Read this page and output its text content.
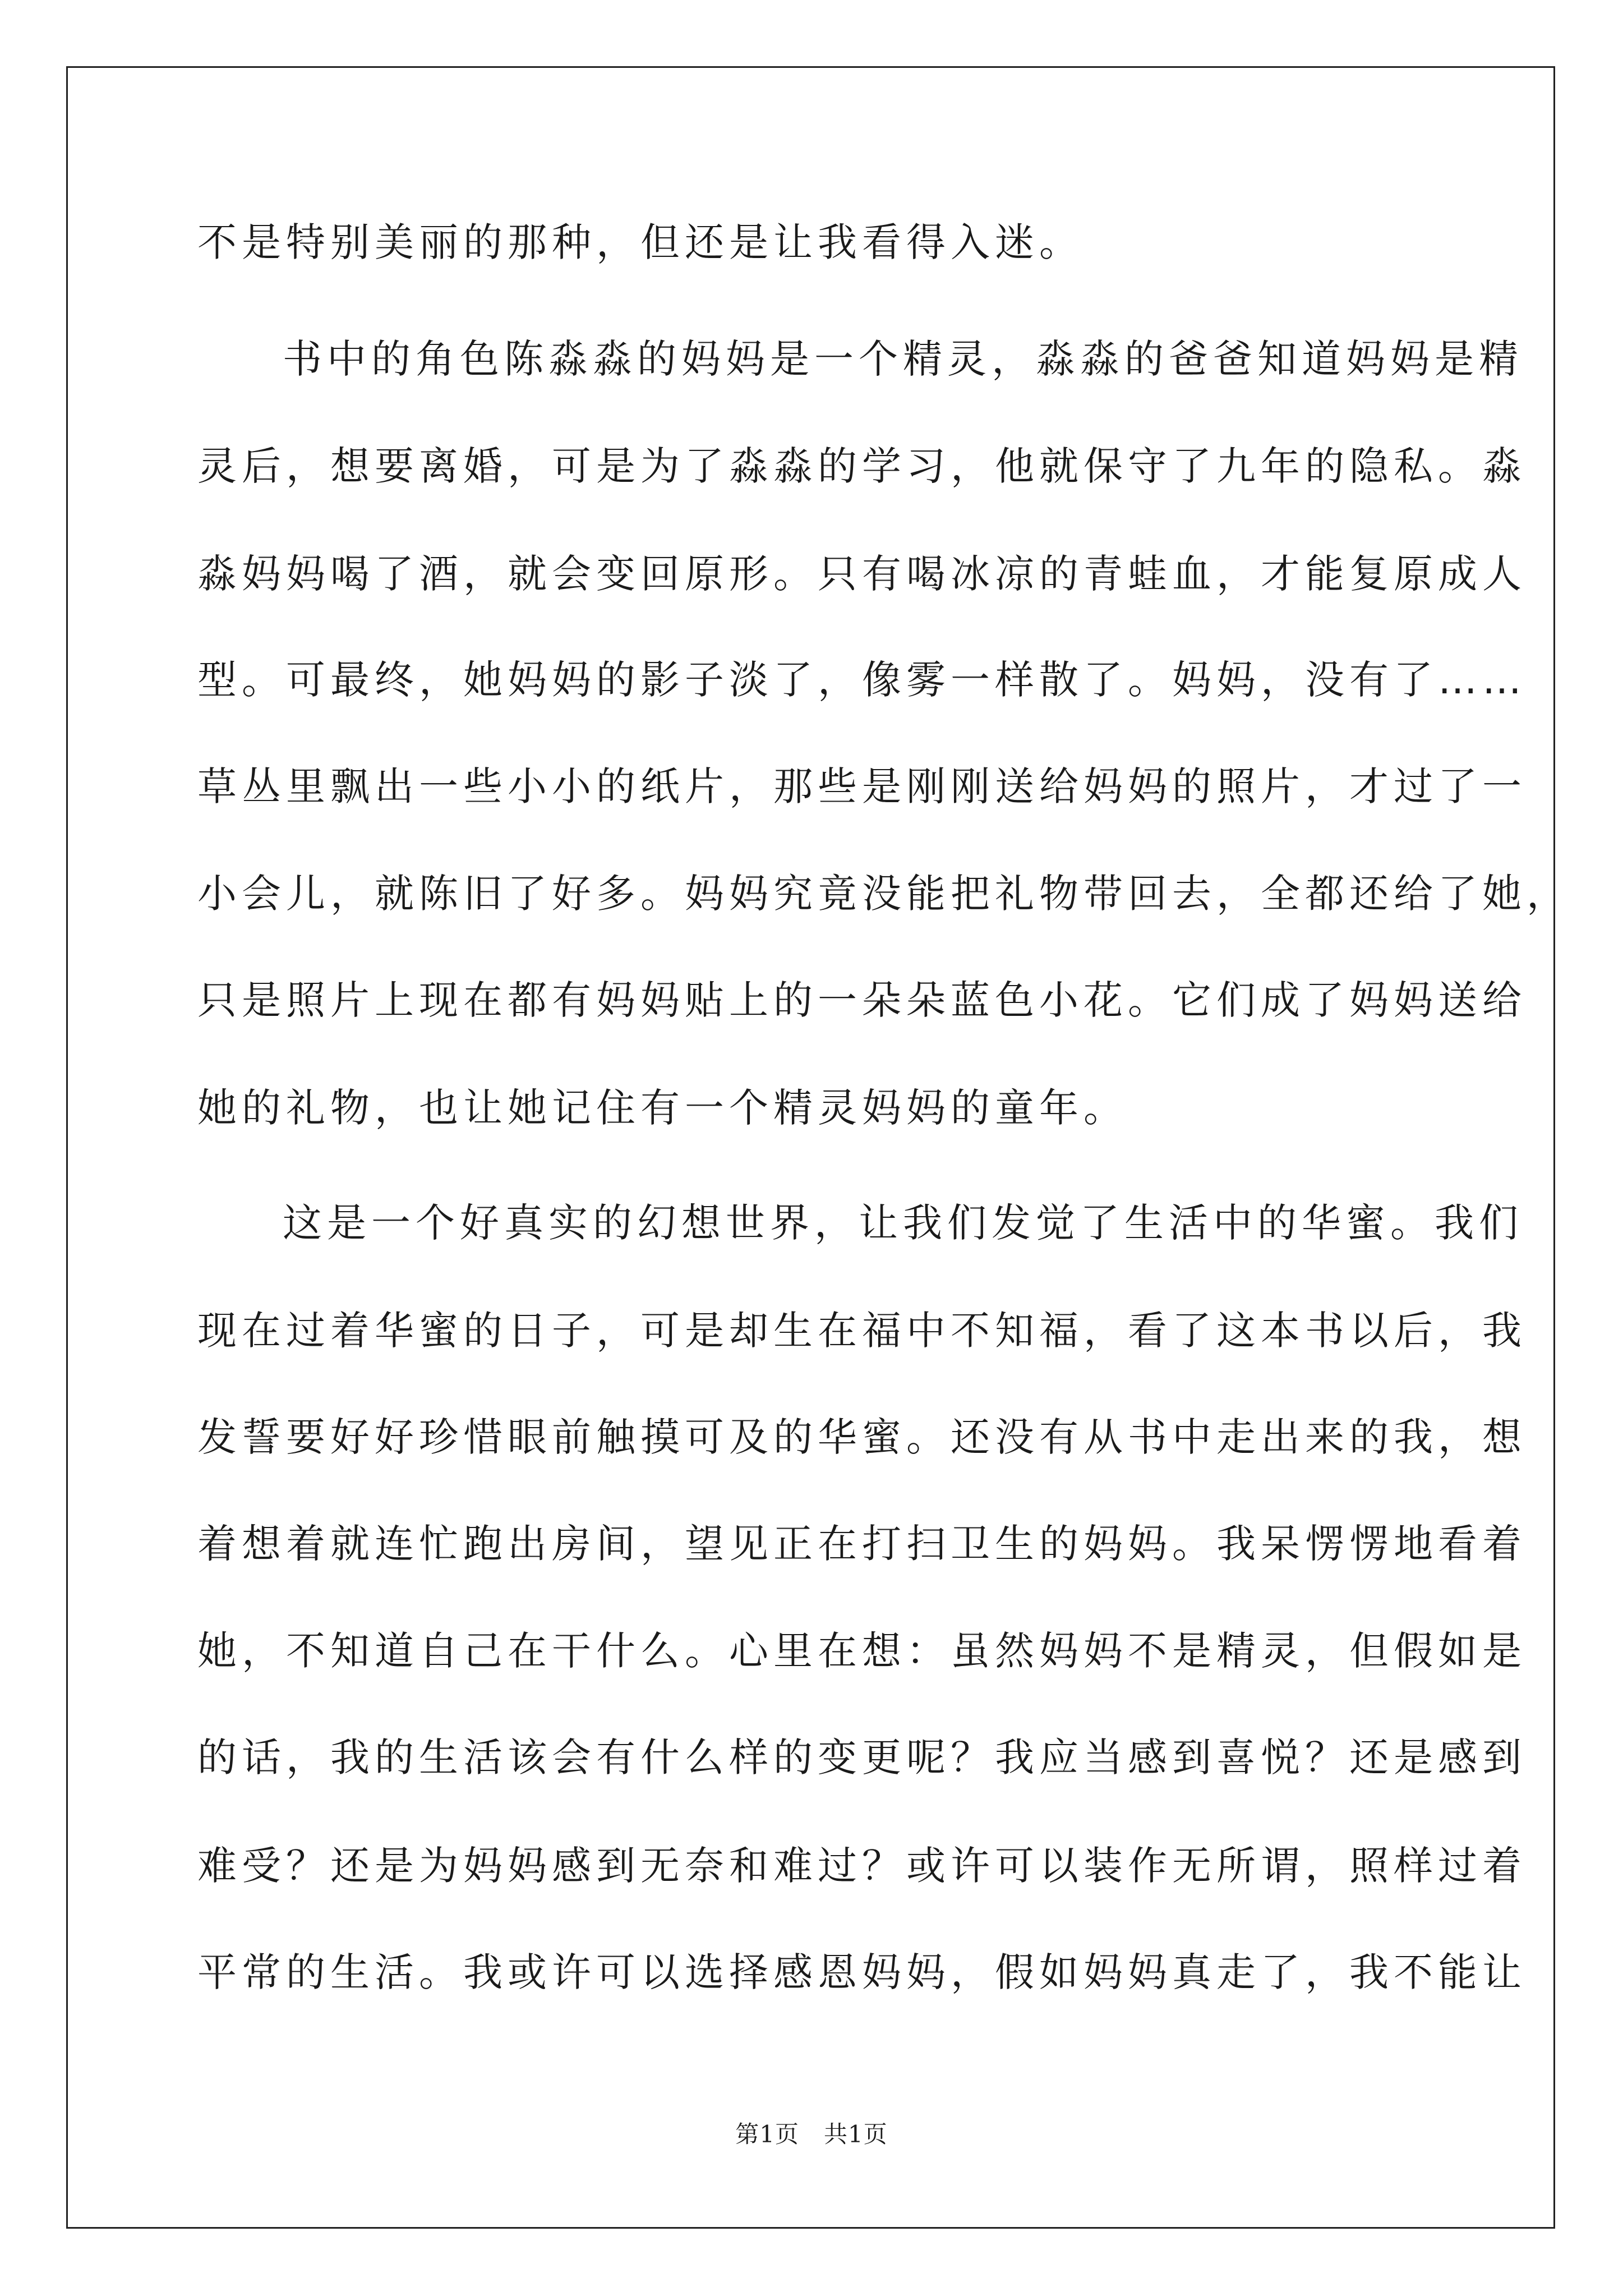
不是特别美丽的那种，但还是让我看得入迷。
书中的角色陈淼淼的妈妈是一个精灵，淼淼的爸爸知道妈妈是精
灵后，想要离婚，可是为了淼淼的学习，他就保守了九年的隐私。淼
淼妈妈喝了酒，就会变回原形。只有喝冰凉的青蛙血，才能复原成人
型。可最终，她妈妈的影子淡了，像雾一样散了。妈妈，没有了……
草丛里飘出一些小小的纸片，那些是刚刚送给妈妈的照片，才过了一
小会儿，就陈旧了好多。妈妈究竟没能把礼物带回去，全都还给了她，
只是照片上现在都有妈妈贴上的一朵朵蓝色小花。它们成了妈妈送给
她的礼物，也让她记住有一个精灵妈妈的童年。
这是一个好真实的幻想世界，让我们发觉了生活中的华蜜。我们
现在过着华蜜的日子，可是却生在福中不知福，看了这本书以后，我
发誓要好好珍惜眼前触摸可及的华蜜。还没有从书中走出来的我，想
着想着就连忙跑出房间，望见正在打扫卫生的妈妈。我呆愣愣地看着
她，不知道自己在干什么。心里在想：虽然妈妈不是精灵，但假如是
的话，我的生活该会有什么样的变更呢？我应当感到喜悦？还是感到
难受？还是为妈妈感到无奈和难过？或许可以装作无所谓，照样过着
平常的生活。我或许可以选择感恩妈妈，假如妈妈真走了，我不能让
第1页 共1页
